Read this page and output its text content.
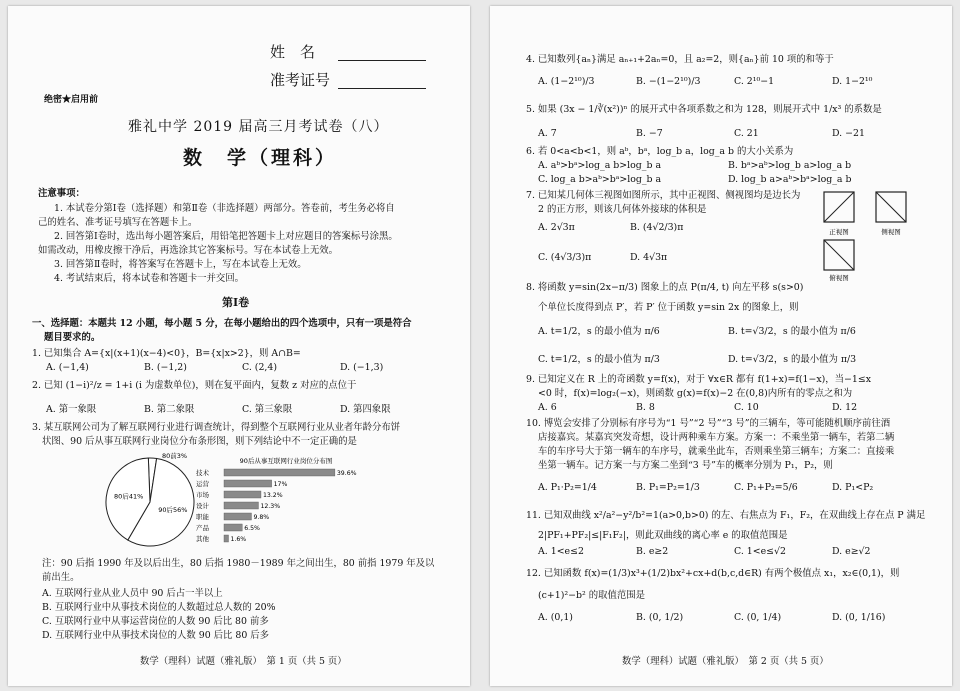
姓　名
准考证号
绝密★启用前
雅礼中学 2019 届高三月考试卷（八）
数　学（理科）
注意事项：
1. 本试卷分第Ⅰ卷（选择题）和第Ⅱ卷（非选择题）两部分。答卷前，考生务必将自
己的姓名、准考证号填写在答题卡上。
2. 回答第Ⅰ卷时，选出每小题答案后，用铅笔把答题卡上对应题目的答案标号涂黑。
如需改动，用橡皮擦干净后，再选涂其它答案标号。写在本试卷上无效。
3. 回答第Ⅱ卷时，将答案写在答题卡上，写在本试卷上无效。
4. 考试结束后，将本试卷和答题卡一并交回。
第Ⅰ卷
一、选择题：本题共 12 小题，每小题 5 分，在每小题给出的四个选项中，只有一项是符合
题目要求的。
1. 已知集合 A={x|(x+1)(x−4)<0}，B={x|x>2}，则 A∩B=
A. (−1,4)	B. (−1,2)	C. (2,4)	D. (−1,3)
2. 已知 (1−i)²/z = 1+i (i 为虚数单位)，则在复平面内，复数 z 对应的点位于
A. 第一象限	B. 第二象限	C. 第三象限	D. 第四象限
3. 某互联网公司为了解互联网行业进行调查统计，得到整个互联网行业从业者年龄分布饼
状图、90 后从事互联网行业岗位分布条形图，则下列结论中不一定正确的是
80前3%
90后56%
80后41%
90后从事互联网行业岗位分布图
技术	39.6%
运营	17%
市场	13.2%
设计	12.3%
职能	9.8%
产品	6.5%
其他	1.6%
注：90 后指 1990 年及以后出生，80 后指 1980－1989 年之间出生，80 前指 1979 年及以
前出生。
A. 互联网行业从业人员中 90 后占一半以上
B. 互联网行业中从事技术岗位的人数超过总人数的 20%
C. 互联网行业中从事运营岗位的人数 90 后比 80 前多
D. 互联网行业中从事技术岗位的人数 90 后比 80 后多
数学（理科）试题（雅礼版）　第 1 页（共 5 页）
4. 已知数列{aₙ}满足 aₙ₊₁+2aₙ=0，且 a₂=2，则{aₙ}前 10 项的和等于
A. (1−2¹⁰)/3	B. −(1−2¹⁰)/3	C. 2¹⁰−1	D. 1−2¹⁰
5. 如果 (3x − 1/∛(x²))ⁿ 的展开式中各项系数之和为 128，则展开式中 1/x³ 的系数是
A. 7	B. −7	C. 21	D. −21
6. 若 0<a<b<1，则 aᵇ，bᵃ，log_b a，log_a b 的大小关系为
A. aᵇ>bᵃ>log_a b>log_b a	B. bᵃ>aᵇ>log_b a>log_a b
C. log_a b>aᵇ>bᵃ>log_b a	D. log_b a>aᵇ>bᵃ>log_a b
7. 已知某几何体三视图如图所示，其中正视图、侧视图均是边长为
2 的正方形，则该几何体外接球的体积是
A. 2√3π	B. (4√2/3)π
C. (4√3/3)π	D. 4√3π
正视图	侧视图
俯视图
8. 将函数 y=sin(2x−π/3) 图象上的点 P(π/4, t) 向左平移 s(s>0)
个单位长度得到点 P′，若 P′ 位于函数 y=sin 2x 的图象上，则
A. t=1/2，s 的最小值为 π/6	B. t=√3/2，s 的最小值为 π/6
C. t=1/2，s 的最小值为 π/3	D. t=√3/2，s 的最小值为 π/3
9. 已知定义在 R 上的奇函数 y=f(x)，对于 ∀x∈R 都有 f(1+x)=f(1−x)，当−1≤x
<0 时，f(x)=log₂(−x)，则函数 g(x)=f(x)−2 在(0,8)内所有的零点之和为
A. 6	B. 8	C. 10	D. 12
10. 博览会安排了分别标有序号为“1 号”“2 号”“3 号”的三辆车，等可能随机顺序前往酒
店接嘉宾。某嘉宾突发奇想，设计两种乘车方案。方案一：不乘坐第一辆车，若第二辆
车的车序号大于第一辆车的车序号，就乘坐此车，否则乘坐第三辆车；方案二：直接乘
坐第一辆车。记方案一与方案二坐到“3 号”车的概率分别为 P₁，P₂，则
A. P₁·P₂=1/4	B. P₁=P₂=1/3	C. P₁+P₂=5/6	D. P₁<P₂
11. 已知双曲线 x²/a²−y²/b²=1(a>0,b>0) 的左、右焦点为 F₁，F₂，在双曲线上存在点 P 满足
2|PF₁+PF₂|≤|F₁F₂|，则此双曲线的离心率 e 的取值范围是
A. 1<e≤2	B. e≥2	C. 1<e≤√2	D. e≥√2
12. 已知函数 f(x)=(1/3)x³+(1/2)bx²+cx+d(b,c,d∈R) 有两个极值点 x₁，x₂∈(0,1)，则
(c+1)²−b² 的取值范围是
A. (0,1)	B. (0, 1/2)	C. (0, 1/4)	D. (0, 1/16)
数学（理科）试题（雅礼版）　第 2 页（共 5 页）
